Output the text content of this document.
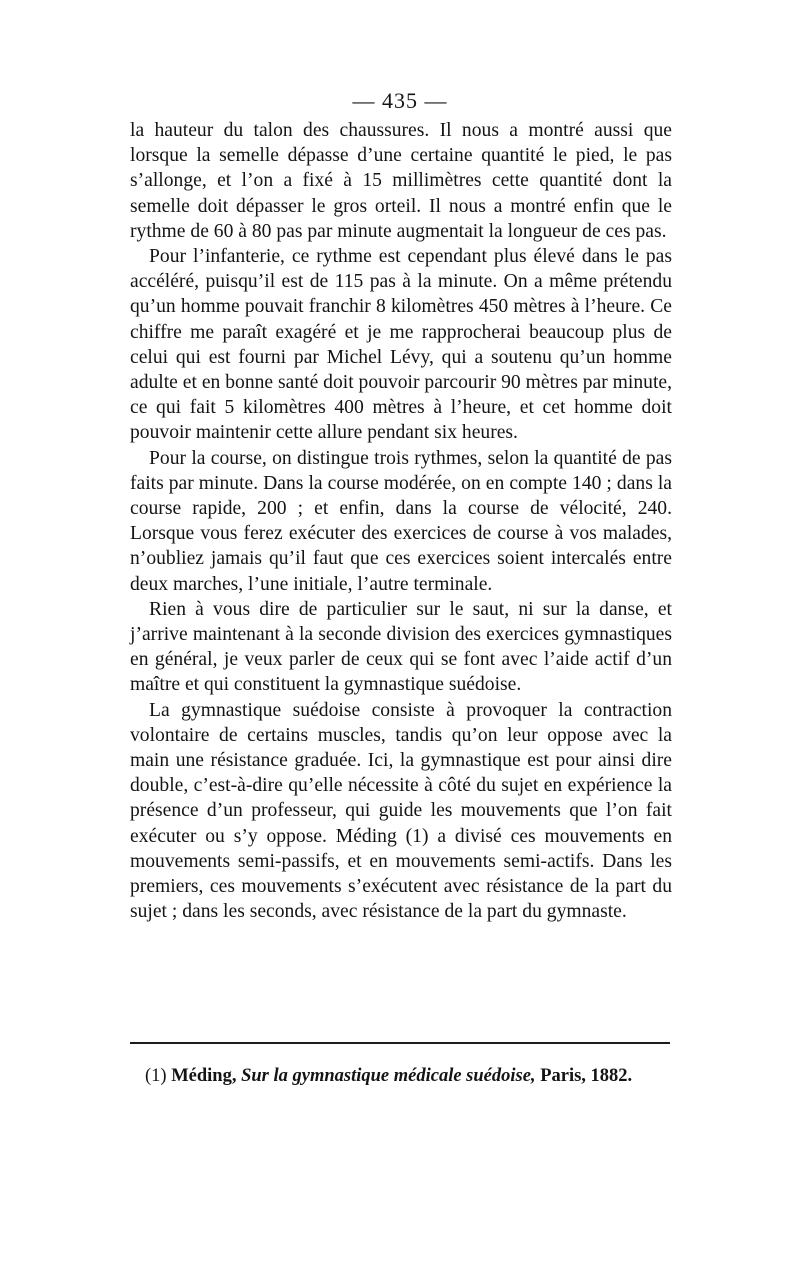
— 435 —

la hauteur du talon des chaussures. Il nous a montré aussi que lorsque la semelle dépasse d’une certaine quantité le pied, le pas s’allonge, et l’on a fixé à 15 millimètres cette quantité dont la semelle doit dépasser le gros orteil. Il nous a montré enfin que le rythme de 60 à 80 pas par minute augmentait la longueur de ces pas.

Pour l’infanterie, ce rythme est cependant plus élevé dans le pas accéléré, puisqu’il est de 115 pas à la minute. On a même prétendu qu’un homme pouvait franchir 8 kilomètres 450 mètres à l’heure. Ce chiffre me paraît exagéré et je me rapprocherai beaucoup plus de celui qui est fourni par Michel Lévy, qui a soutenu qu’un homme adulte et en bonne santé doit pouvoir parcourir 90 mètres par minute, ce qui fait 5 kilomètres 400 mètres à l’heure, et cet homme doit pouvoir maintenir cette allure pendant six heures.

Pour la course, on distingue trois rythmes, selon la quantité de pas faits par minute. Dans la course modérée, on en compte 140 ; dans la course rapide, 200 ; et enfin, dans la course de vélocité, 240. Lorsque vous ferez exécuter des exercices de course à vos malades, n’oubliez jamais qu’il faut que ces exercices soient intercalés entre deux marches, l’une initiale, l’autre terminale.

Rien à vous dire de particulier sur le saut, ni sur la danse, et j’arrive maintenant à la seconde division des exercices gymnastiques en général, je veux parler de ceux qui se font avec l’aide actif d’un maître et qui constituent la gymnastique suédoise.

La gymnastique suédoise consiste à provoquer la contraction volontaire de certains muscles, tandis qu’on leur oppose avec la main une résistance graduée. Ici, la gymnastique est pour ainsi dire double, c’est-à-dire qu’elle nécessite à côté du sujet en expérience la présence d’un professeur, qui guide les mouvements que l’on fait exécuter ou s’y oppose. Méding (1) a divisé ces mouvements en mouvements semi-passifs, et en mouvements semi-actifs. Dans les premiers, ces mouvements s’exécutent avec résistance de la part du sujet ; dans les seconds, avec résistance de la part du gymnaste.

(1) Méding, Sur la gymnastique médicale suédoise, Paris, 1882.
